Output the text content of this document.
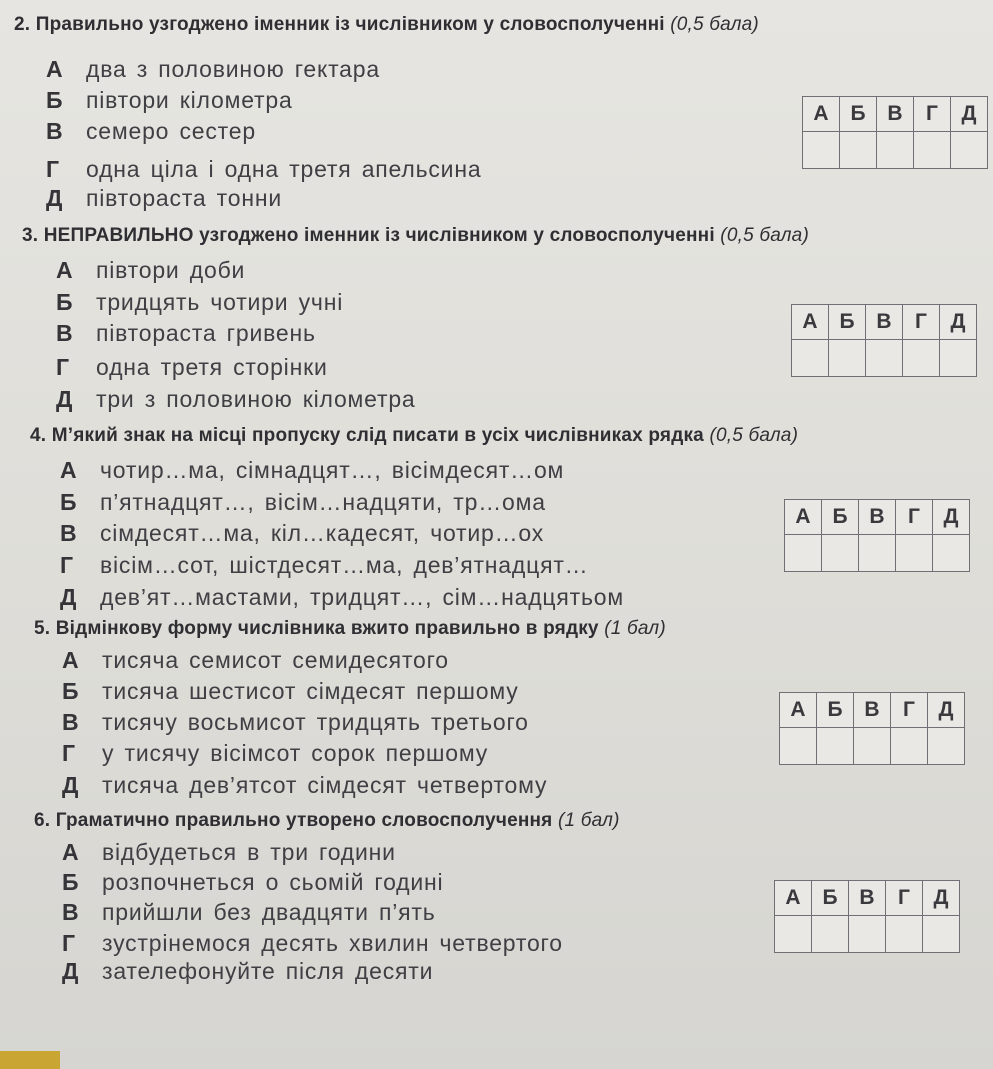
2. Правильно узгоджено іменник із числівником у словосполученні (0,5 бала)
А два з половиною гектара
Б півтори кілометра
В семеро сестер
Г одна ціла і одна третя апельсина
Д півтораста тонни
А	Б	В	Г	Д

3. НЕПРАВИЛЬНО узгоджено іменник із числівником у словосполученні (0,5 бала)
А півтори доби
Б тридцять чотири учні
В півтораста гривень
Г одна третя сторінки
Д три з половиною кілометра
А	Б	В	Г	Д

4. М’який знак на місці пропуску слід писати в усіх числівниках рядка (0,5 бала)
А чотир…ма, сімнадцят…, вісімдесят…ом
Б п’ятнадцят…, вісім…надцяти, тр…ома
В сімдесят…ма, кіл…кадесят, чотир…ох
Г вісім…сот, шістдесят…ма, дев’ятнадцят…
Д дев’ят…мастами, тридцят…, сім…надцятьом
А	Б	В	Г	Д

5. Відмінкову форму числівника вжито правильно в рядку (1 бал)
А тисяча семисот семидесятого
Б тисяча шестисот сімдесят першому
В тисячу восьмисот тридцять третього
Г у тисячу вісімсот сорок першому
Д тисяча дев’ятсот сімдесят четвертому
А	Б	В	Г	Д

6. Граматично правильно утворено словосполучення (1 бал)
А відбудеться в три години
Б розпочнеться о сьомій годині
В прийшли без двадцяти п’ять
Г зустрінемося десять хвилин четвертого
Д зателефонуйте після десяти
А	Б	В	Г	Д
